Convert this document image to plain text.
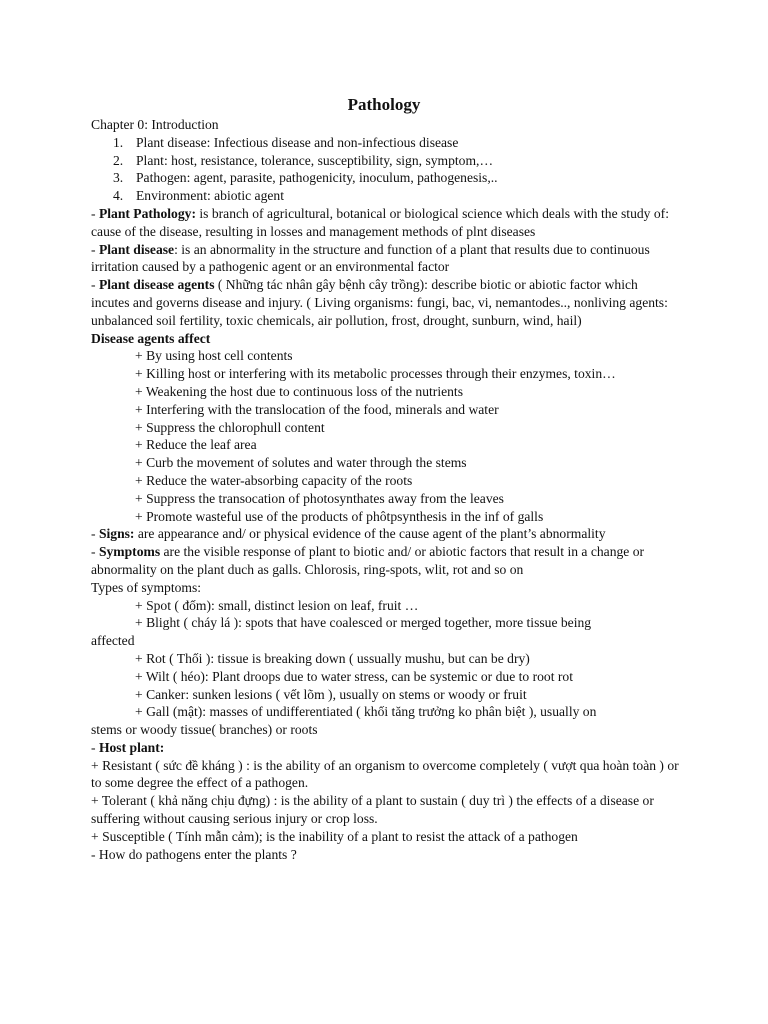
Pathology
Chapter 0: Introduction
1. Plant disease: Infectious disease and non-infectious disease
2. Plant: host, resistance, tolerance, susceptibility, sign, symptom,…
3. Pathogen: agent, parasite, pathogenicity, inoculum, pathogenesis,..
4. Environment: abiotic agent
- Plant Pathology: is branch of agricultural, botanical or biological science which deals with the study of: cause of the disease, resulting in losses and management methods of plnt diseases
- Plant disease: is an abnormality in the structure and function of a plant that results due to continuous irritation caused by a pathogenic agent or an environmental factor
- Plant disease agents ( Những tác nhân gây bệnh cây trồng): describe biotic or abiotic factor which incutes and governs disease and injury. ( Living organisms: fungi, bac, vi, nemantodes.., nonliving agents: unbalanced soil fertility, toxic chemicals, air pollution, frost, drought, sunburn, wind, hail)
Disease agents affect
+ By using host cell contents
+ Killing host or interfering with its metabolic processes through their enzymes, toxin…
+ Weakening the host due to continuous loss of the nutrients
+ Interfering with the translocation of the food, minerals and water
+ Suppress the chlorophull content
+ Reduce the leaf area
+ Curb the movement of solutes and water through the stems
+ Reduce the water-absorbing capacity of the roots
+ Suppress the transocation of photosynthates away from the leaves
+ Promote wasteful use of the products of phôtpsynthesis in the inf of galls
- Signs: are appearance and/ or physical evidence of the cause agent of the plant’s abnormality
- Symptoms are the visible response of plant to biotic and/ or abiotic factors that result in a change or abnormality on the plant duch as galls. Chlorosis, ring-spots, wlit, rot and so on
Types of symptoms:
+ Spot ( đốm): small, distinct lesion on leaf, fruit …
+ Blight ( cháy lá ): spots that have coalesced or merged together, more tissue being
affected
+ Rot ( Thối ): tissue is breaking down ( ussually mushu, but can be dry)
+ Wilt ( héo): Plant droops due to water stress, can be systemic or due to root rot
+ Canker: sunken lesions ( vết lõm ), usually on stems or woody or fruit
+ Gall (mật): masses of undifferentiated ( khối tăng trưởng ko phân biệt ), usually on
stems or woody tissue( branches) or roots
- Host plant:
+ Resistant ( sức đề kháng ) : is the ability of an organism to overcome completely ( vượt qua hoàn toàn ) or to some degree the effect of a pathogen.
+ Tolerant ( khả năng chịu đựng) : is the ability of a plant to sustain ( duy trì ) the effects of a disease or suffering without causing serious injury or crop loss.
+ Susceptible ( Tính mẫn cảm); is the inability of a plant to resist the attack of a pathogen
- How do pathogens enter the plants ?
